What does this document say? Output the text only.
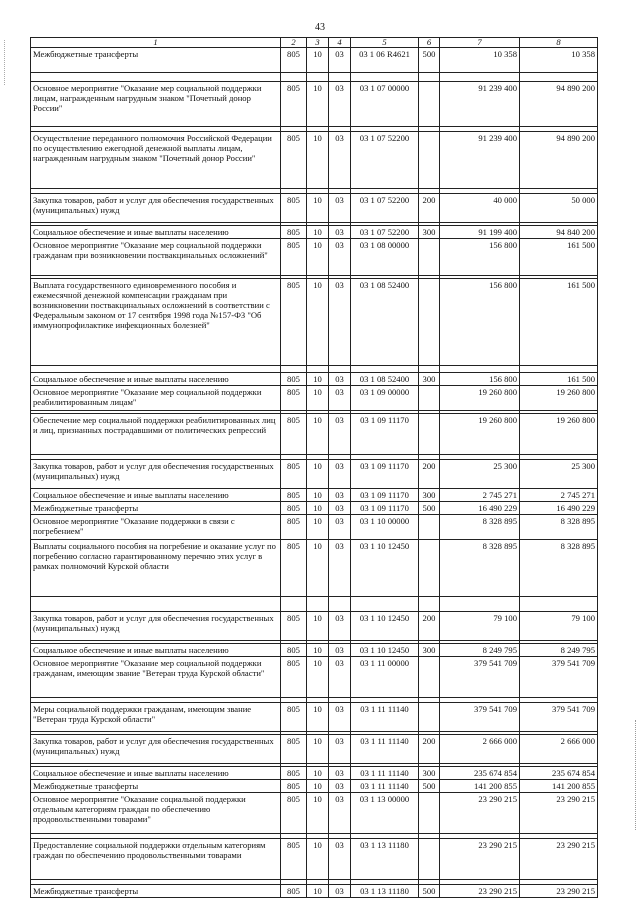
43
1	2	3	4	5	6	7	8
Межбюджетные трансферты	805	10	03	03 1 06 R4621	500	10 358	10 358

Основное мероприятие "Оказание мер социальной поддержки лицам, награжденным нагрудным знаком "Почетный донор России"	805	10	03	03 1 07 00000		91 239 400	94 890 200

Осуществление переданного полномочия Российской Федерации по осуществлению ежегодной денежной выплаты лицам, награжденным нагрудным знаком "Почетный донор России"	805	10	03	03 1 07 52200		91 239 400	94 890 200

Закупка товаров, работ и услуг для обеспечения государственных (муниципальных) нужд	805	10	03	03 1 07 52200	200	40 000	50 000

Социальное обеспечение и иные выплаты населению	805	10	03	03 1 07 52200	300	91 199 400	94 840 200
Основное мероприятие "Оказание мер социальной поддержки гражданам при возникновении поствакцинальных осложнений"	805	10	03	03 1 08 00000		156 800	161 500

Выплата государственного единовременного пособия и ежемесячной денежной компенсации гражданам при возникновении поствакцинальных осложнений в соответствии с Федеральным законом от 17 сентября 1998 года №157-ФЗ "Об иммунопрофилактике инфекционных болезней"	805	10	03	03 1 08 52400		156 800	161 500

Социальное обеспечение и иные выплаты населению	805	10	03	03 1 08 52400	300	156 800	161 500
Основное мероприятие "Оказание мер социальной поддержки реабилитированным лицам"	805	10	03	03 1 09 00000		19 260 800	19 260 800

Обеспечение мер социальной поддержки реабилитированных лиц и лиц, признанных пострадавшими от политических репрессий	805	10	03	03 1 09 11170		19 260 800	19 260 800

Закупка товаров, работ и услуг для обеспечения государственных (муниципальных) нужд	805	10	03	03 1 09 11170	200	25 300	25 300
Социальное обеспечение и иные выплаты населению	805	10	03	03 1 09 11170	300	2 745 271	2 745 271
Межбюджетные трансферты	805	10	03	03 1 09 11170	500	16 490 229	16 490 229
Основное мероприятие "Оказание поддержки в связи с погребением"	805	10	03	03 1 10 00000		8 328 895	8 328 895
Выплаты социального пособия на погребение и оказание услуг по погребению согласно гарантированному перечню этих услуг в рамках полномочий Курской области	805	10	03	03 1 10 12450		8 328 895	8 328 895

Закупка товаров, работ и услуг для обеспечения государственных (муниципальных) нужд	805	10	03	03 1 10 12450	200	79 100	79 100

Социальное обеспечение и иные выплаты населению	805	10	03	03 1 10 12450	300	8 249 795	8 249 795
Основное мероприятие "Оказание мер социальной поддержки гражданам, имеющим звание "Ветеран труда Курской области"	805	10	03	03 1 11 00000		379 541 709	379 541 709

Меры социальной поддержки гражданам, имеющим звание "Ветеран труда Курской области"	805	10	03	03 1 11 11140		379 541 709	379 541 709

Закупка товаров, работ и услуг для обеспечения государственных (муниципальных) нужд	805	10	03	03 1 11 11140	200	2 666 000	2 666 000

Социальное обеспечение и иные выплаты населению	805	10	03	03 1 11 11140	300	235 674 854	235 674 854
Межбюджетные трансферты	805	10	03	03 1 11 11140	500	141 200 855	141 200 855
Основное мероприятие "Оказание социальной поддержки отдельным категориям граждан по обеспечению продовольственными товарами"	805	10	03	03 1 13 00000		23 290 215	23 290 215

Предоставление социальной поддержки отдельным категориям граждан по обеспечению продовольственными товарами	805	10	03	03 1 13 11180		23 290 215	23 290 215

Межбюджетные трансферты	805	10	03	03 1 13 11180	500	23 290 215	23 290 215
